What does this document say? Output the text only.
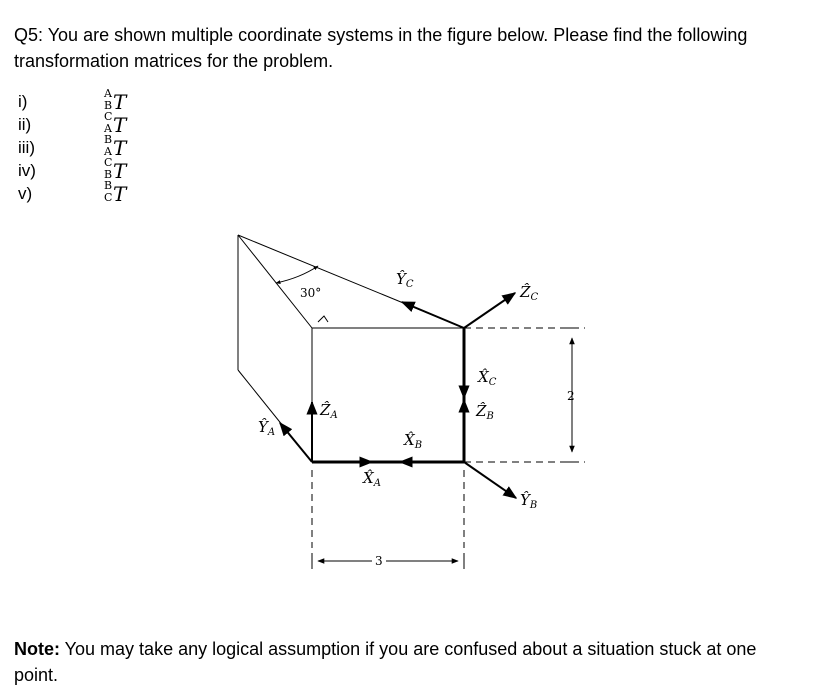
Q5: You are shown multiple coordinate systems in the figure below. Please find the following
transformation matrices for the problem.

i)	A
B T
ii)	C
A T
iii)	B
A T
iv)	C
B T
v)	B
C T
30°
2
3
$Ŷ_C$	Ẑ$_C$
$X̂_C$
Ẑ$_B$
$X̂_B$
$Ŷ_B$
Ẑ$_A$
$X̂_A$
$Ŷ_A$

Note: You may take any logical assumption if you are confused about a situation stuck at one
point.
